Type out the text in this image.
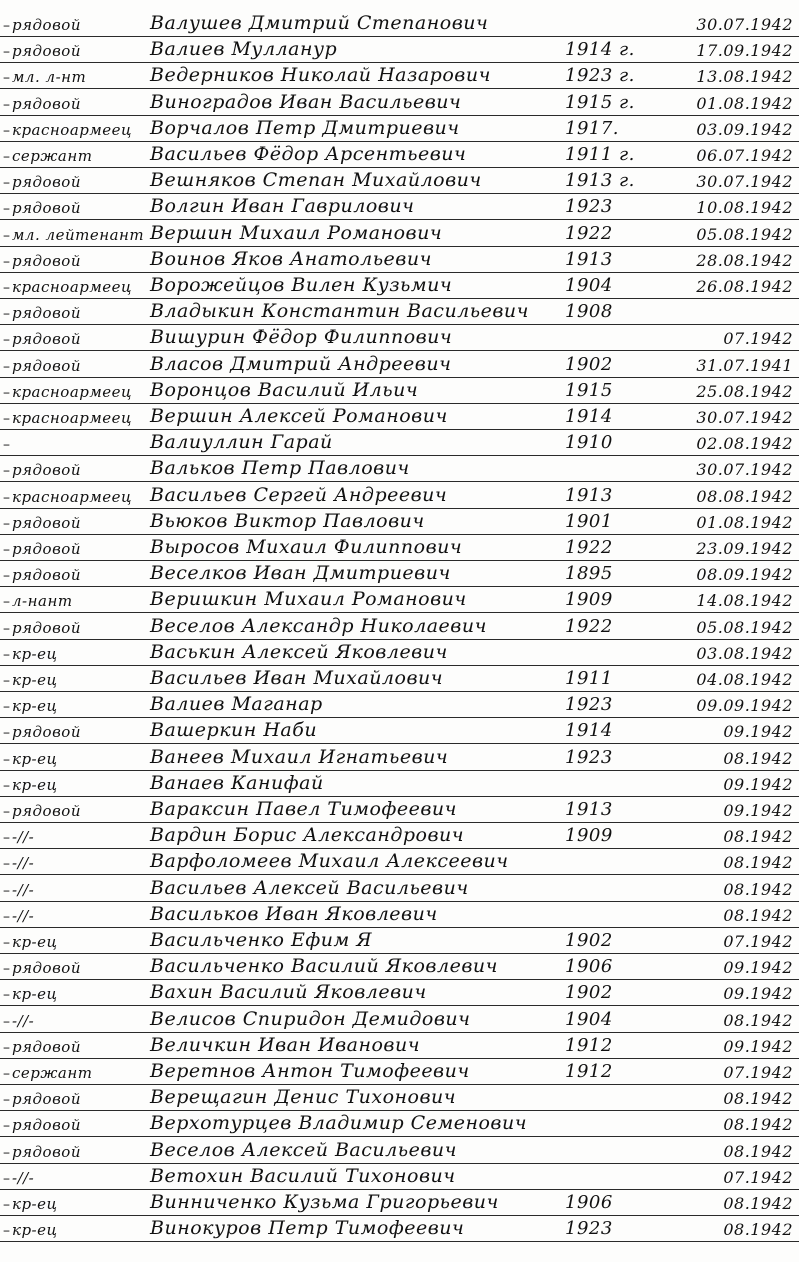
– рядовой	Валушев Дмитрий Степанович	30.07.1942
– рядовой	Валиев Мулланур	1914 г.	17.09.1942
– мл. л-нт	Ведерников Николай Назарович	1923 г.	13.08.1942
– рядовой	Виноградов Иван Васильевич	1915 г.	01.08.1942
– красноармеец Ворчалов Петр Дмитриевич	1917.	03.09.1942
– сержант	Васильев Фёдор Арсентьевич	1911 г.	06.07.1942
– рядовой	Вешняков Степан Михайлович	1913 г.	30.07.1942
– рядовой	Волгин Иван Гаврилович	1923	10.08.1942
– мл. лейтенант Вершин Михаил Романович	1922	05.08.1942
– рядовой	Воинов Яков Анатольевич	1913	28.08.1942
– красноармеец Ворожейцов Вилен Кузьмич	1904	26.08.1942
– рядовой	Владыкин Константин Васильевич 1908
– рядовой	Вишурин Фёдор Филиппович	07.1942
– рядовой	Власов Дмитрий Андреевич	1902	31.07.1941
– красноармеец Воронцов Василий Ильич	1915	25.08.1942
– красноармеец Вершин Алексей Романович	1914	30.07.1942
–	Валиуллин Гарай	1910	02.08.1942
– рядовой	Вальков Петр Павлович	30.07.1942
– красноармеец Васильев Сергей Андреевич	1913	08.08.1942
– рядовой	Вьюков Виктор Павлович	1901	01.08.1942
– рядовой	Выросов Михаил Филиппович	1922	23.09.1942
– рядовой	Веселков Иван Дмитриевич	1895	08.09.1942
– л-нант	Веришкин Михаил Романович	1909	14.08.1942
– рядовой	Веселов Александр Николаевич	1922	05.08.1942
– кр-ец	Васькин Алексей Яковлевич	03.08.1942
– кр-ец	Васильев Иван Михайлович	1911	04.08.1942
– кр-ец	Валиев Маганар	1923	09.09.1942
– рядовой	Вашеркин Наби	1914	09.1942
– кр-ец	Ванеев Михаил Игнатьевич	1923	08.1942
– кр-ец	Ванаев Канифай	09.1942
– рядовой	Вараксин Павел Тимофеевич	1913	09.1942
– -//-	Вардин Борис Александрович	1909	08.1942
– -//-	Варфоломеев Михаил Алексеевич	08.1942
– -//-	Васильев Алексей Васильевич	08.1942
– -//-	Васильков Иван Яковлевич	08.1942
– кр-ец	Васильченко Ефим Я	1902	07.1942
– рядовой	Васильченко Василий Яковлевич	1906	09.1942
– кр-ец	Вахин Василий Яковлевич	1902	09.1942
– -//-	Велисов Спиридон Демидович	1904	08.1942
– рядовой	Величкин Иван Иванович	1912	09.1942
– сержант	Веретнов Антон Тимофеевич	1912	07.1942
– рядовой	Верещагин Денис Тихонович	08.1942
– рядовой	Верхотурцев Владимир Семенович	08.1942
– рядовой	Веселов Алексей Васильевич	08.1942
– -//-	Ветохин Василий Тихонович	07.1942
– кр-ец	Винниченко Кузьма Григорьевич	1906	08.1942
– кр-ец	Винокуров Петр Тимофеевич	1923	08.1942
